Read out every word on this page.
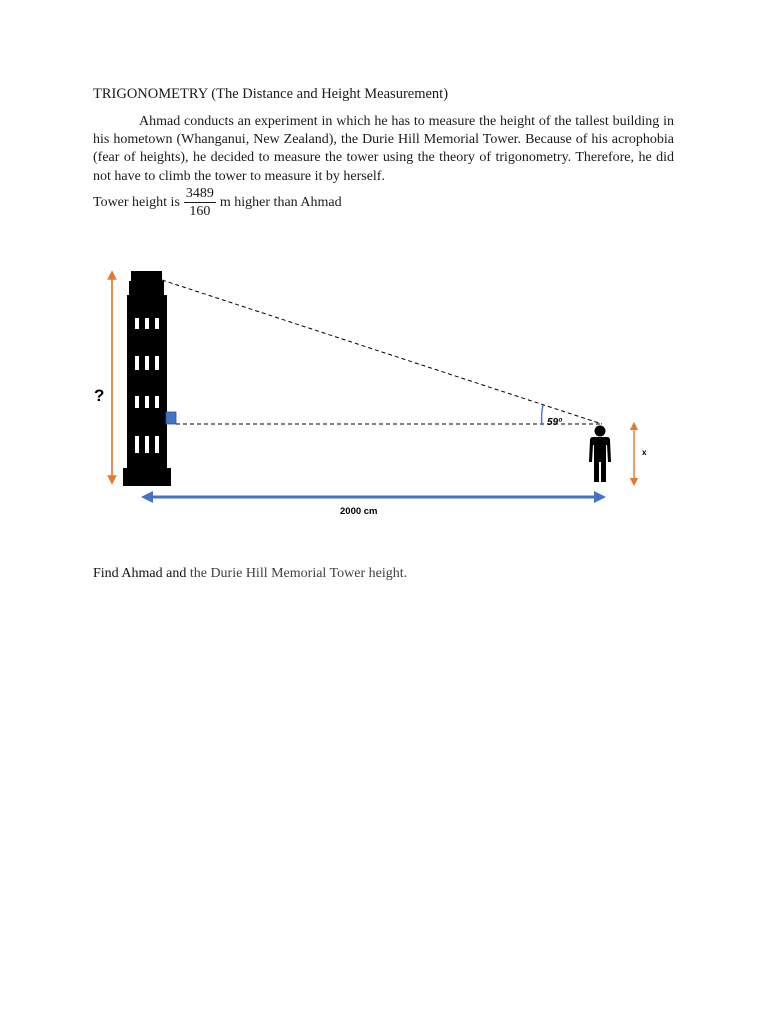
TRIGONOMETRY (The Distance and Height Measurement)
Ahmad conducts an experiment in which he has to measure the height of the tallest building in his hometown (Whanganui, New Zealand), the Durie Hill Memorial Tower. Because of his acrophobia (fear of heights), he decided to measure the tower using the theory of trigonometry. Therefore, he did not have to climb the tower to measure it by herself.
Tower height is $\frac{3489}{160}$ m higher than Ahmad
?
59º
x
2000 cm
Find Ahmad and the Durie Hill Memorial Tower height.
